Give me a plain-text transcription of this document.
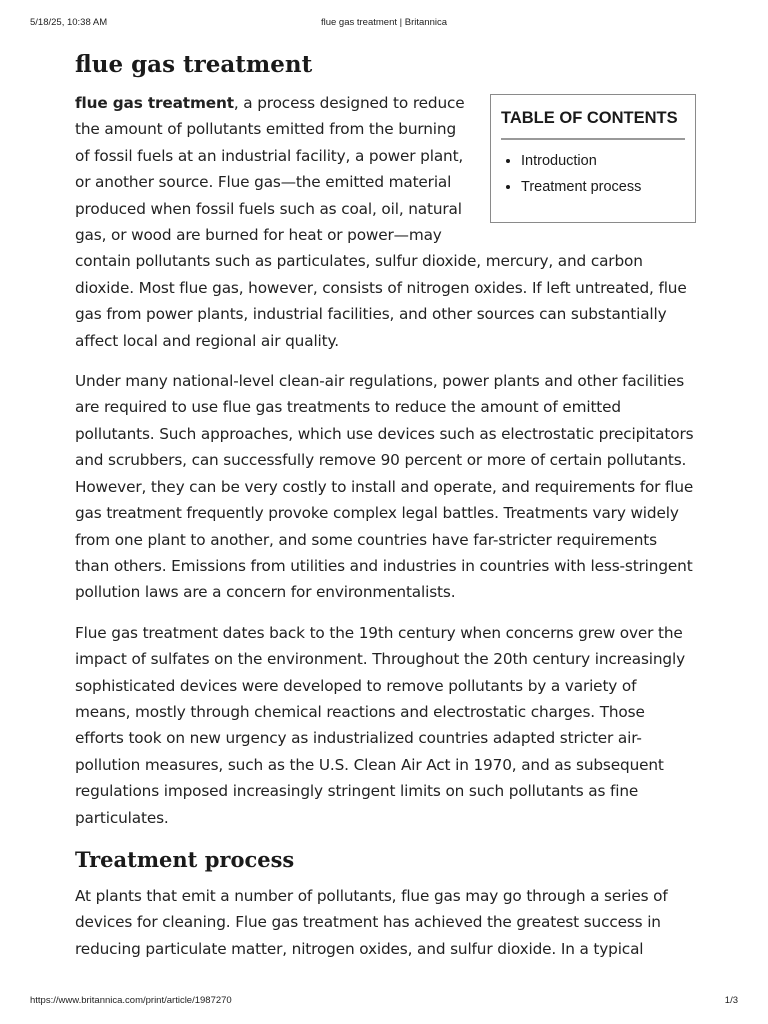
5/18/25, 10:38 AM	flue gas treatment | Britannica
flue gas treatment
TABLE OF CONTENTS
• Introduction
• Treatment process

flue gas treatment, a process designed to reduce the amount of pollutants emitted from the burning of fossil fuels at an industrial facility, a power plant, or another source. Flue gas—the emitted material produced when fossil fuels such as coal, oil, natural gas, or wood are burned for heat or power—may contain pollutants such as particulates, sulfur dioxide, mercury, and carbon dioxide. Most flue gas, however, consists of nitrogen oxides. If left untreated, flue gas from power plants, industrial facilities, and other sources can substantially affect local and regional air quality.

Under many national-level clean-air regulations, power plants and other facilities are required to use flue gas treatments to reduce the amount of emitted pollutants. Such approaches, which use devices such as electrostatic precipitators and scrubbers, can successfully remove 90 percent or more of certain pollutants. However, they can be very costly to install and operate, and requirements for flue gas treatment frequently provoke complex legal battles. Treatments vary widely from one plant to another, and some countries have far-stricter requirements than others. Emissions from utilities and industries in countries with less-stringent pollution laws are a concern for environmentalists.

Flue gas treatment dates back to the 19th century when concerns grew over the impact of sulfates on the environment. Throughout the 20th century increasingly sophisticated devices were developed to remove pollutants by a variety of means, mostly through chemical reactions and electrostatic charges. Those efforts took on new urgency as industrialized countries adapted stricter air-pollution measures, such as the U.S. Clean Air Act in 1970, and as subsequent regulations imposed increasingly stringent limits on such pollutants as fine particulates.

Treatment process

At plants that emit a number of pollutants, flue gas may go through a series of devices for cleaning. Flue gas treatment has achieved the greatest success in reducing particulate matter, nitrogen oxides, and sulfur dioxide. In a typical

https://www.britannica.com/print/article/1987270	1/3
